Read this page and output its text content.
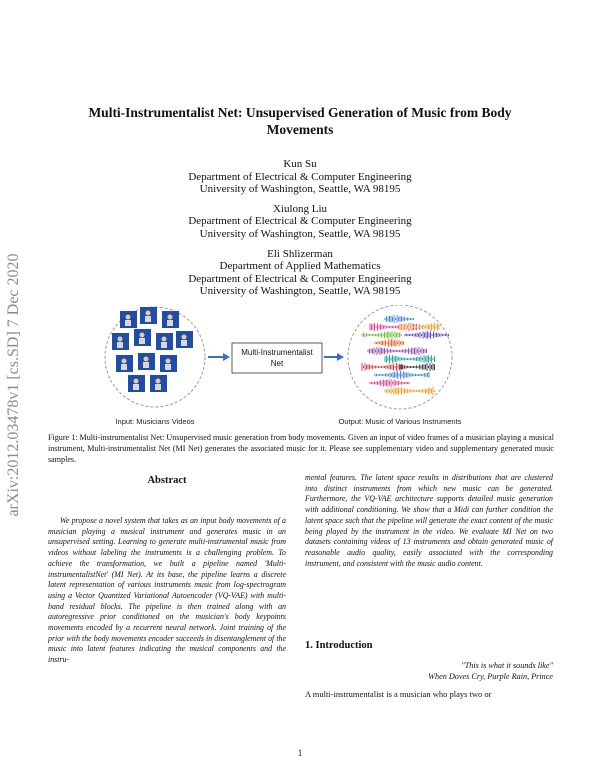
arXiv:2012.03478v1 [cs.SD] 7 Dec 2020
Multi-Instrumentalist Net: Unsupervised Generation of Music from Body Movements
Kun Su
Department of Electrical & Computer Engineering
University of Washington, Seattle, WA 98195
Xiulong Liu
Department of Electrical & Computer Engineering
University of Washington, Seattle, WA 98195
Eli Shlizerman
Department of Applied Mathematics
Department of Electrical & Computer Engineering
University of Washington, Seattle, WA 98195
Input: Musicians Videos
Multi-Instrumentalist
Net
Output: Music of Various Instruments
Figure 1: Multi-instrumentalist Net: Unsupervised music generation from body movements. Given an input of video frames of a musician playing a musical instrument, Multi-instrumentalist Net (MI Net) generates the associated music for it. Please see supplementary video and supplementary generated music samples.
Abstract
We propose a novel system that takes as an input body movements of a musician playing a musical instrument and generates music in an unsupervised setting. Learning to generate multi-instrumental music from videos without labeling the instruments is a challenging problem. To achieve the transformation, we built a pipeline named 'Multi-instrumentalistNet' (MI Net). At its base, the pipeline learns a discrete latent representation of various instruments music from log-spectrogram using a Vector Quantized Variational Autoencoder (VQ-VAE) with multi-band residual blocks. The pipeline is then trained along with an autoregressive prior conditioned on the musician's body keypoints movements encoded by a recurrent neural network. Joint training of the prior with the body movements encoder succeeds in disentanglement of the music into latent features indicating the musical components and the instru-
mental features. The latent space results in distributions that are clustered into distinct instruments from which new music can be generated. Furthermore, the VQ-VAE architecture supports detailed music generation with additional conditioning. We show that a Midi can further condition the latent space such that the pipeline will generate the exact content of the music being played by the instrument in the video. We evaluate MI Net on two datasets containing videos of 13 instruments and obtain generated music of reasonable audio quality, easily associated with the corresponding instrument, and consistent with the music audio content.
1. Introduction
"This is what it sounds like"
When Doves Cry, Purple Rain, Prince
A multi-instrumentalist is a musician who plays two or
1
